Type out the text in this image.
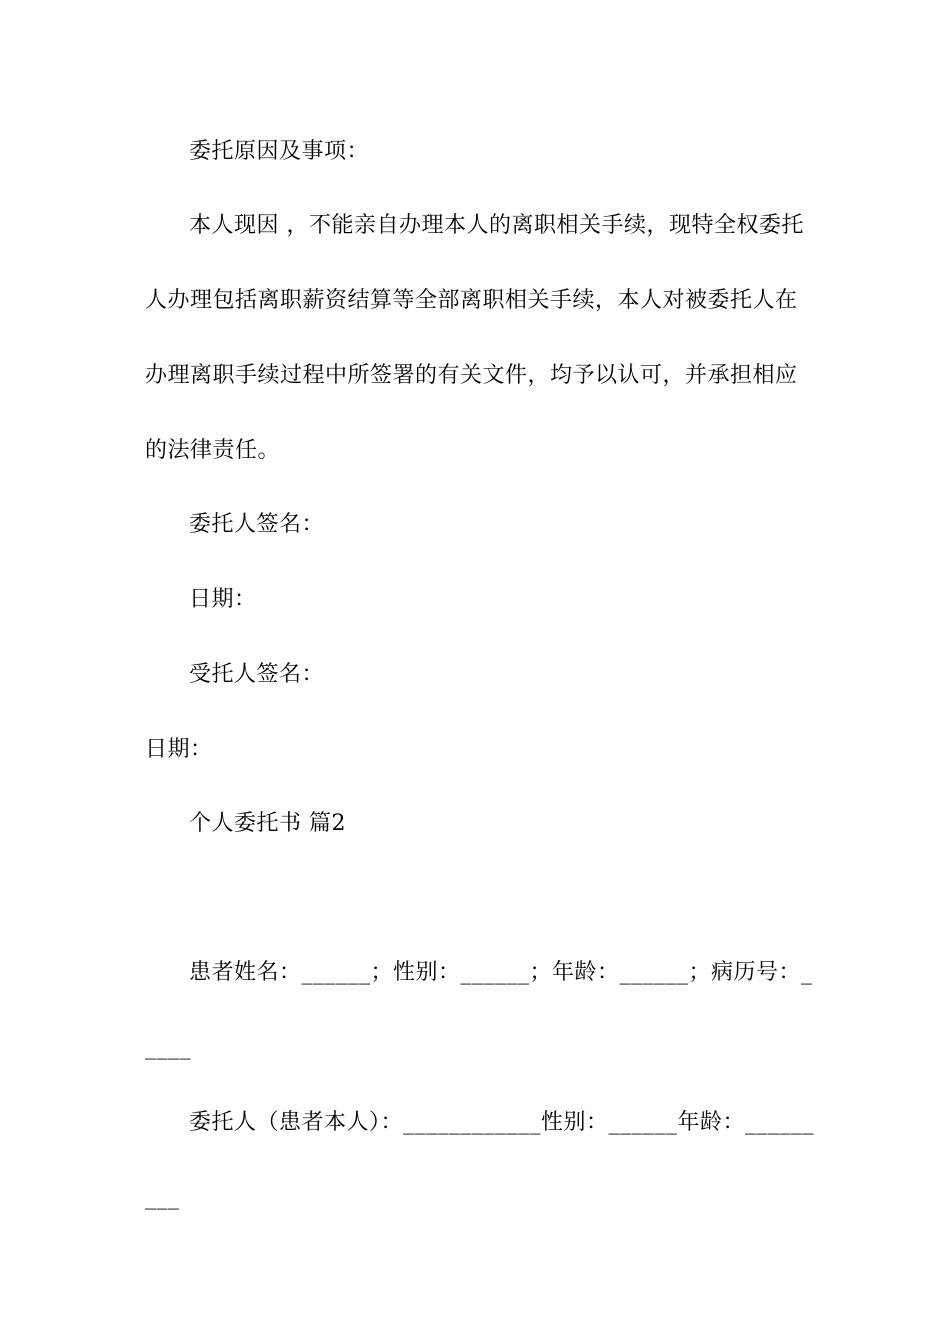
委托原因及事项：
本人现因 ，不能亲自办理本人的离职相关手续，现特全权委托
人办理包括离职薪资结算等全部离职相关手续，本人对被委托人在
办理离职手续过程中所签署的有关文件，均予以认可，并承担相应
的法律责任。
委托人签名：
日期：
受托人签名：
日期：
个人委托书 篇2
患者姓名：______；性别：______；年龄：______；病历号：_
____
委托人（患者本人）：____________性别：______年龄：______
___
